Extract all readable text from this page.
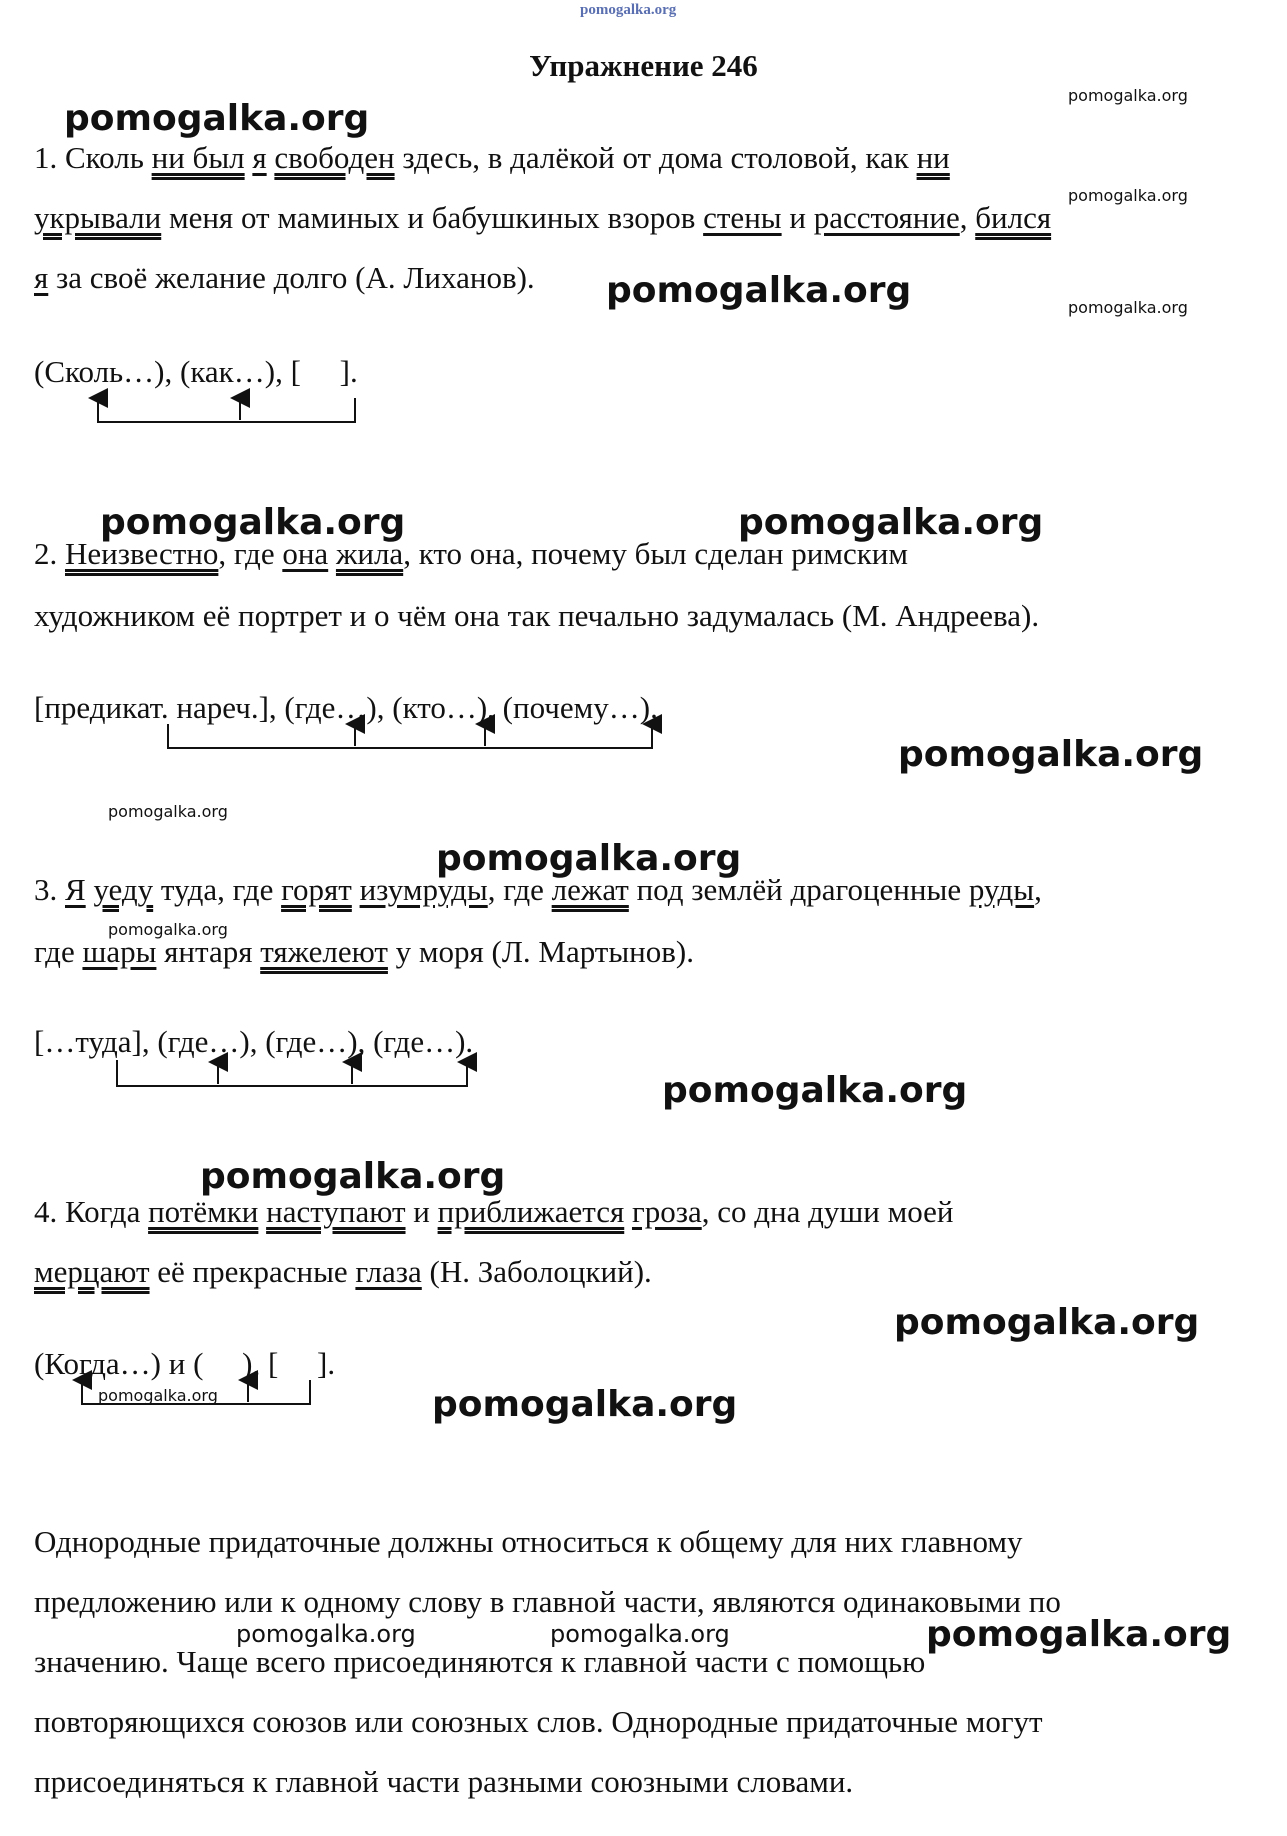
pomogalka.org
Упражнение 246
pomogalka.org
pomogalka.org
pomogalka.org
pomogalka.org	pomogalka.org
1. Сколь ни был я свободен здесь, в далёкой от дома столовой, как ни
укрывали меня от маминых и бабушкиных взоров стены и расстояние, бился
я за своё желание долго (А. Лиханов).
(Сколь…), (как…), [     ].
pomogalka.org	pomogalka.org
2. Неизвестно, где она жила, кто она, почему был сделан римским
художником её портрет и о чём она так печально задумалась (М. Андреева).
[предикат. нареч.], (где…), (кто…), (почему…).
pomogalka.org
pomogalka.org
pomogalka.org
3. Я уеду туда, где горят изумруды, где лежат под землёй драгоценные руды,
pomogalka.org
где шары янтаря тяжелеют у моря (Л. Мартынов).
[…туда], (где…), (где…), (где…).
pomogalka.org
pomogalka.org
4. Когда потёмки наступают и приближается гроза, со дна души моей
мерцают её прекрасные глаза (Н. Заболоцкий).
pomogalka.org
(Когда…) и (     ), [     ].
pomogalka.org	pomogalka.org
Однородные придаточные должны относиться к общему для них главному
предложению или к одному слову в главной части, являются одинаковыми по
pomogalka.org	pomogalka.org	pomogalka.org
значению. Чаще всего присоединяются к главной части с помощью
повторяющихся союзов или союзных слов. Однородные придаточные могут
присоединяться к главной части разными союзными словами.
